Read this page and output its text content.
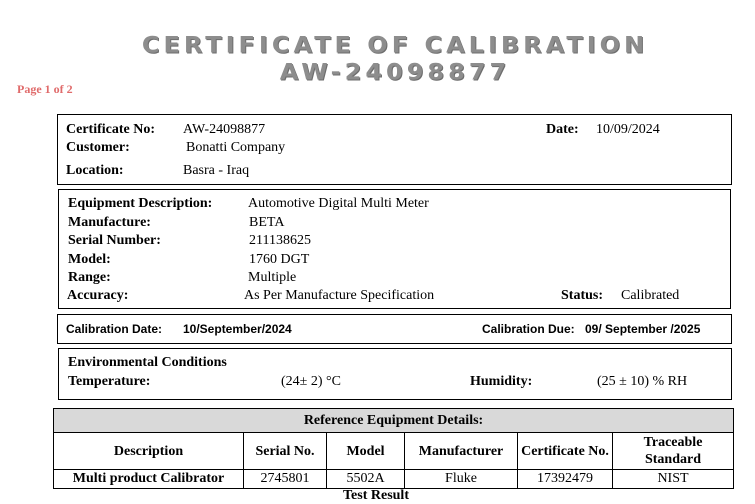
CERTIFICATE OF CALIBRATION
AW-24098877
Page 1 of 2
Certificate No: AW-24098877	Date: 10/09/2024
Customer:	Bonatti Company
Location:	Basra - Iraq
Equipment Description:	Automotive Digital Multi Meter
Manufacture:	BETA
Serial Number:	211138625
Model:	1760 DGT
Range:	Multiple
Accuracy:	As Per Manufacture Specification	Status: Calibrated
Calibration Date: 10/September/2024	Calibration Due: 09/ September /2025
Environmental Conditions
Temperature:	(24± 2) °C	Humidity:	(25 ± 10) % RH
Reference Equipment Details:					
Description	Serial No.	Model	Manufacturer	Certificate No.	Traceable Standard
Multi product Calibrator	2745801	5502A	Fluke	17392479	NIST
Test Result
